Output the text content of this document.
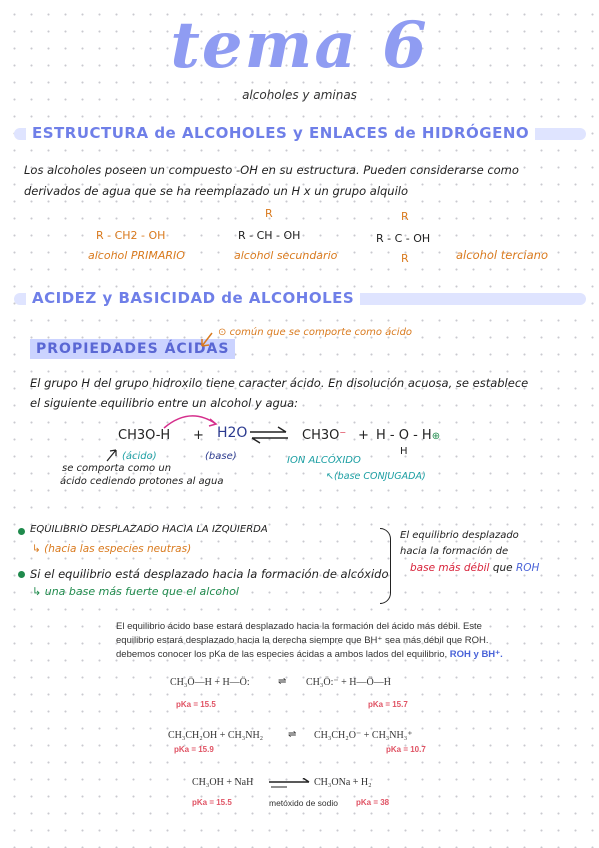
tema 6
alcoholes y aminas
ESTRUCTURA de ALCOHOLES y ENLACES de HIDRÓGENO
Los alcoholes poseen un compuesto -OH en su estructura. Pueden considerarse como
derivados de agua que se ha reemplazado un H x un grupo alquilo
R - CH2 - OH
alcohol PRIMARIO
R
R - CH - OH
alcohol secundario
R
R - C - OH
R	alcohol terciano
ACIDEZ y BASICIDAD de ALCOHOLES
PROPIEDADES ÁCIDAS
⊙ común que se comporte como ácido
El grupo H del grupo hidroxilo tiene caracter ácido. En disolución acuosa, se establece
el siguiente equilibrio entre un alcohol y agua:
CH3O-H + H2O
(ácido)	(base)
⇌ CH3O⁻ + H - O - H⊕
H
ION ALCÓXIDO
se comporta como un
ácido cediendo protones al agua	↖(base CONJUGADA)
EQUILIBRIO DESPLAZADO HACIA LA IZQUIERDA
↳ (hacia las especies neutras)
Si el equilibrio está desplazado hacia la formación de alcóxido
↳ una base más fuerte que el alcohol
El equilibrio desplazado
hacia la formación de
base más débil que ROH
El equilibrio ácido base estará desplazado hacia la formación del ácido más débil. Este
equilibrio estará desplazado hacia la derecha siempre que BH⁺ sea más débil que ROH.
debemos conocer los pKa de las especies ácidas a ambos lados del equilibrio, ROH y BH⁺.
CH₃Ö—H + H—Ö:	⇌ CH₃Ö:⁻ + H—Ö—H
pKa = 15.5	pKa = 15.7
CH₃CH₂OH + CH₃NH₂ ⇌ CH₃CH₂O⁻ + CH₃NH₃⁺
pKa = 15.9	pKa = 10.7
CH₃OH + NaH	CH₃ONa + H₂
pKa = 15.5	metóxido de sodio pKa = 38
